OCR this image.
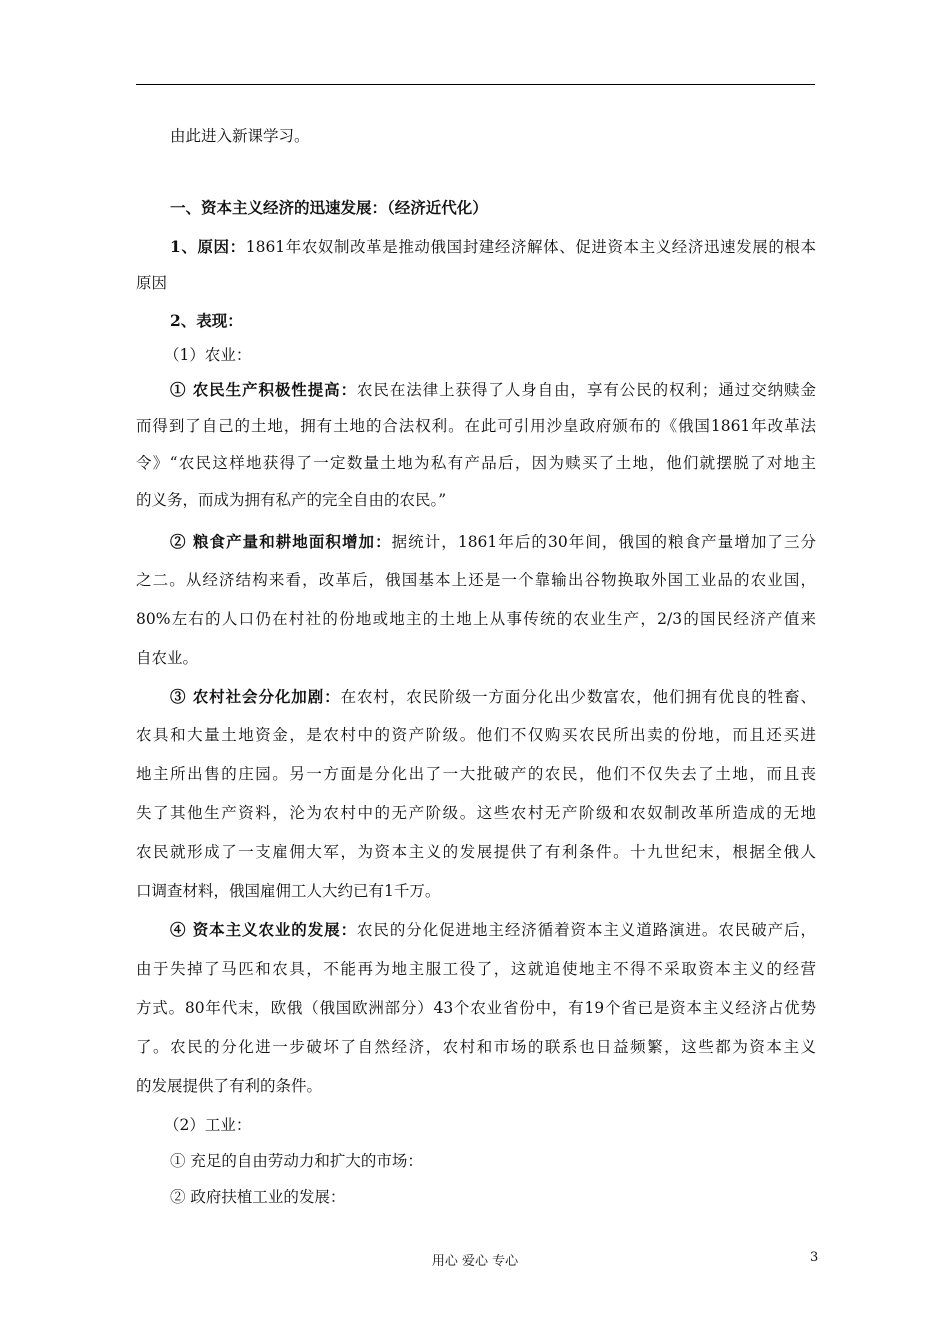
由此进入新课学习。
一、资本主义经济的迅速发展：（经济近代化）
1、原因：1861年农奴制改革是推动俄国封建经济解体、促进资本主义经济迅速发展的根本
原因
2、表现：
（1）农业：
① 农民生产积极性提高：农民在法律上获得了人身自由，享有公民的权利；通过交纳赎金
而得到了自己的土地，拥有土地的合法权利。在此可引用沙皇政府颁布的《俄国1861年改革法
令》“农民这样地获得了一定数量土地为私有产品后，因为赎买了土地，他们就摆脱了对地主
的义务，而成为拥有私产的完全自由的农民。”
② 粮食产量和耕地面积增加：据统计，1861年后的30年间，俄国的粮食产量增加了三分
之二。从经济结构来看，改革后，俄国基本上还是一个靠输出谷物换取外国工业品的农业国，
80%左右的人口仍在村社的份地或地主的土地上从事传统的农业生产，2/3的国民经济产值来
自农业。
③ 农村社会分化加剧：在农村，农民阶级一方面分化出少数富农，他们拥有优良的牲畜、
农具和大量土地资金，是农村中的资产阶级。他们不仅购买农民所出卖的份地，而且还买进
地主所出售的庄园。另一方面是分化出了一大批破产的农民，他们不仅失去了土地，而且丧
失了其他生产资料，沦为农村中的无产阶级。这些农村无产阶级和农奴制改革所造成的无地
农民就形成了一支雇佣大军，为资本主义的发展提供了有利条件。十九世纪末，根据全俄人
口调查材料，俄国雇佣工人大约已有1千万。
④ 资本主义农业的发展：农民的分化促进地主经济循着资本主义道路演进。农民破产后，
由于失掉了马匹和农具，不能再为地主服工役了，这就追使地主不得不采取资本主义的经营
方式。80年代末，欧俄（俄国欧洲部分）43个农业省份中，有19个省已是资本主义经济占优势
了。农民的分化进一步破坏了自然经济，农村和市场的联系也日益频繁，这些都为资本主义
的发展提供了有利的条件。
（2）工业：
① 充足的自由劳动力和扩大的市场：
② 政府扶植工业的发展：
用心 爱心 专心	3
